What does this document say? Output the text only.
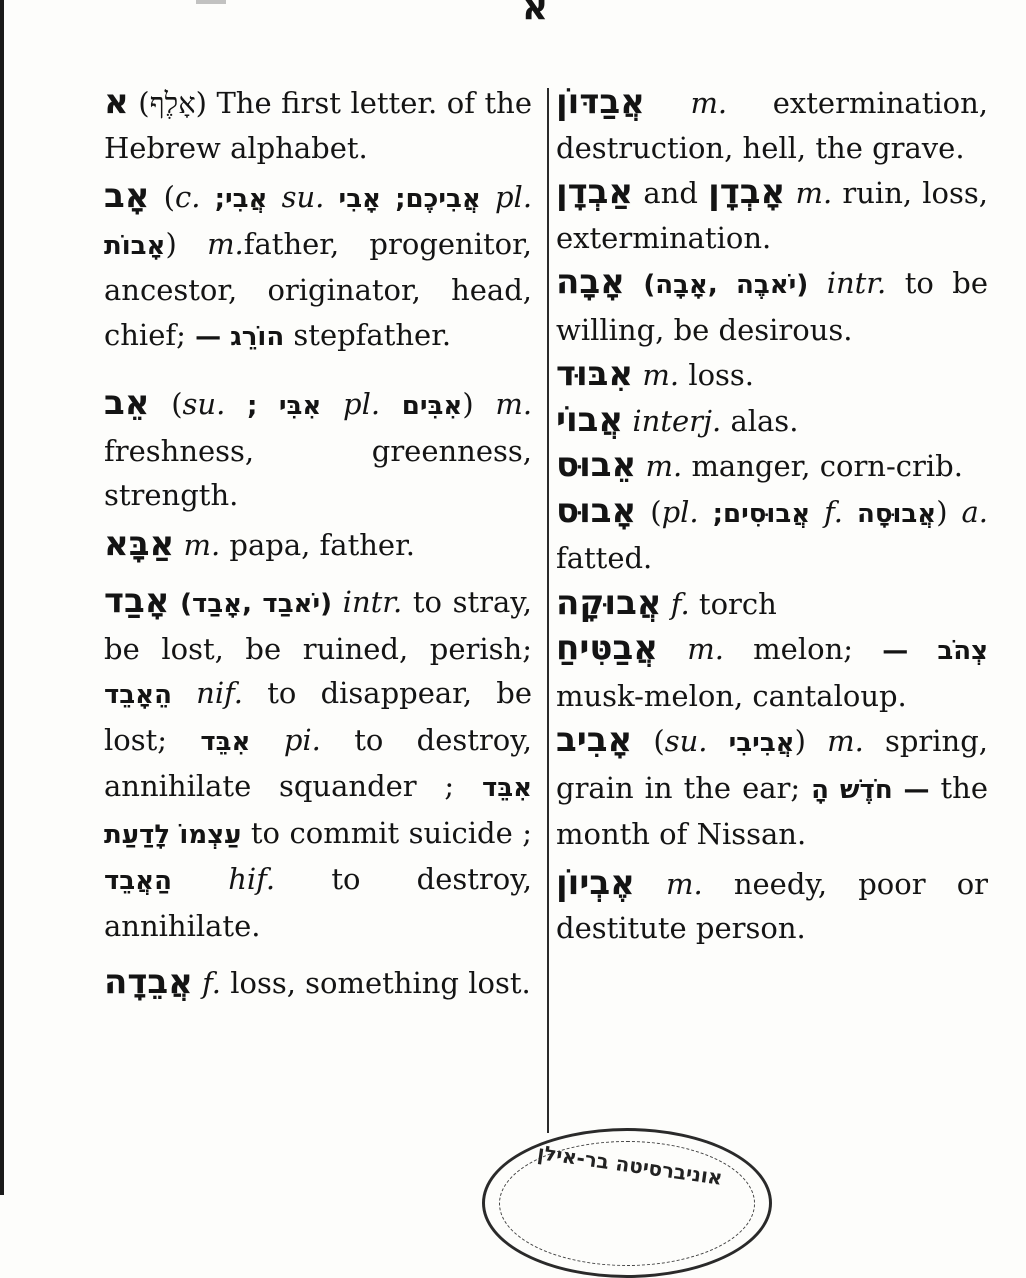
א

א (אָלֶף) The first letter. of the Hebrew alphabet.

אָב (c. אֲבִי; su. אָבִי אֲבִיכֶם; pl. אָבוֹת) m.father, progenitor, ancestor, originator, head, chief; הוֹרֵג — stepfather.

אֵב (su. אִבִּי ; pl. אִבִּים) m. freshness, greenness, strength.

אַבָּא m. papa, father.

אָבַד (יֹאבַד ,אָבַד) intr. to stray, be lost, be ruined, perish; הֵאָבֵד nif. to disappear, be lost; אִבֵּד pi. to destroy, annihilate squander ; אִבֵּד עַצְמוֹ לָדַעַת to commit suicide ; הַאֲבֵד hif. to destroy, annihilate.

אֲבֵדָה f. loss, something lost.

אֲבַדּוֹן m. extermination, destruction, hell, the grave.

אַבְדָן and אָבְדָן m. ruin, loss, extermination.

אָבָה (יֹאבֶה ,אָבָה) intr. to be willing, be desirous.

אִבּוּד m. loss.

אֲבוֹי interj. alas.

אֵבוּס m. manger, corn-crib.

אָבוּס (pl. אֲבוּסִים; f. אֲבוּסָה) a. fatted.

אֲבוּקָה f. torch

אֲבַטִּיחַ m. melon; צְהֹב — musk-melon, cantaloup.

אָבִיב (su. אֲבִיבִי) m. spring, grain in the ear; — חֹדֶשׁ הָ the month of Nissan.

אֶבְיוֹן m. needy, poor or destitute person.

אוניברסיטה בר-אילן
